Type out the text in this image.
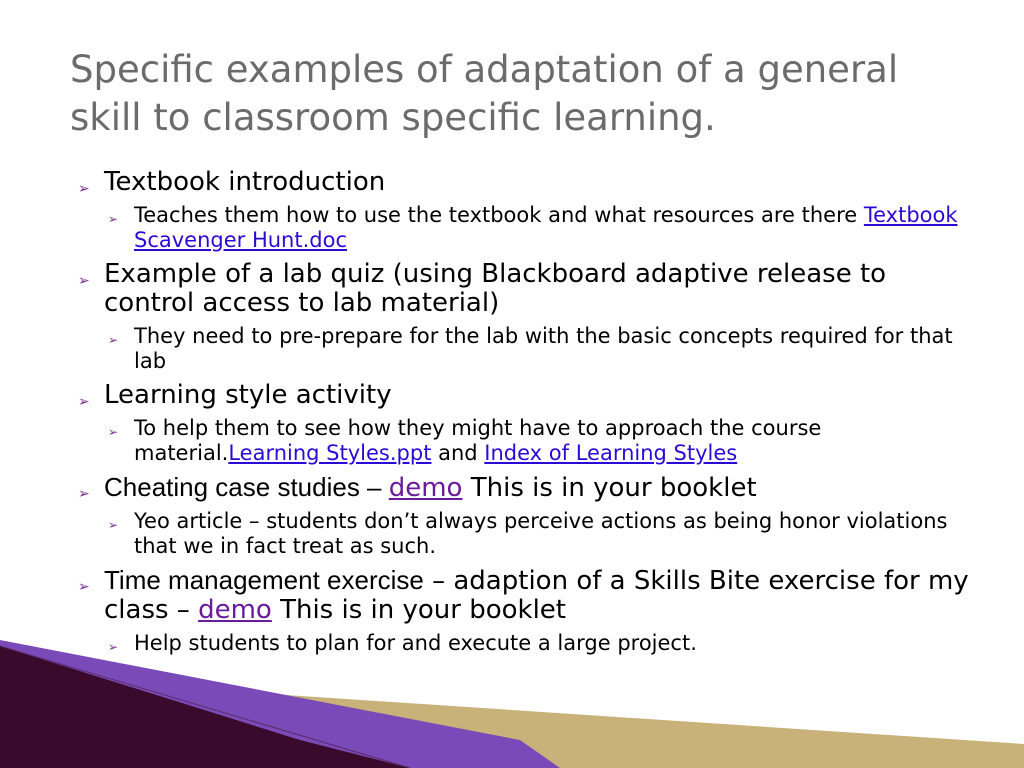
Specific examples of adaptation of a general skill to classroom specific learning.
➢ Textbook introduction
➢ Teaches them how to use the textbook and what resources are there Textbook Scavenger Hunt.doc
➢ Example of a lab quiz (using Blackboard adaptive release to control access to lab material)
➢ They need to pre-prepare for the lab with the basic concepts required for that lab
➢ Learning style activity
➢ To help them to see how they might have to approach the course material.Learning Styles.ppt and Index of Learning Styles
➢ Cheating case studies – demo This is in your booklet
➢ Yeo article – students don’t always perceive actions as being honor violations that we in fact treat as such.
➢ Time management exercise – adaption of a Skills Bite exercise for my class – demo This is in your booklet
➢ Help students to plan for and execute a large project.
